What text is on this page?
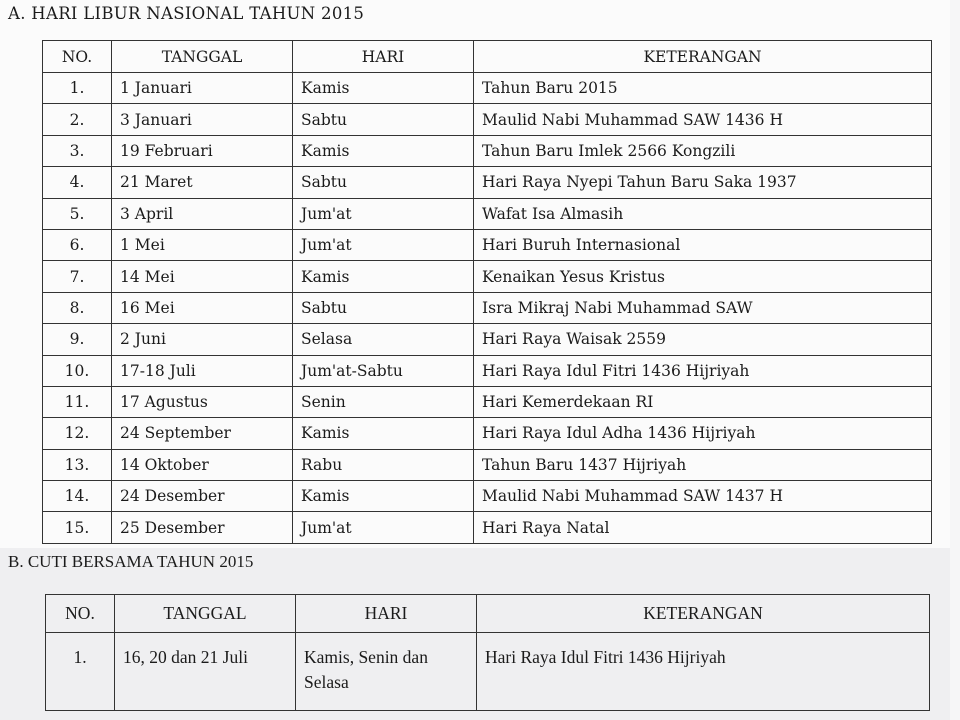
A. HARI LIBUR NASIONAL TAHUN 2015
NO.	TANGGAL	HARI	KETERANGAN
1.	1 Januari	Kamis	Tahun Baru 2015
2.	3 Januari	Sabtu	Maulid Nabi Muhammad SAW 1436 H
3.	19 Februari	Kamis	Tahun Baru Imlek 2566 Kongzili
4.	21 Maret	Sabtu	Hari Raya Nyepi Tahun Baru Saka 1937
5.	3 April	Jum'at	Wafat Isa Almasih
6.	1 Mei	Jum'at	Hari Buruh Internasional
7.	14 Mei	Kamis	Kenaikan Yesus Kristus
8.	16 Mei	Sabtu	Isra Mikraj Nabi Muhammad SAW
9.	2 Juni	Selasa	Hari Raya Waisak 2559
10.	17-18 Juli	Jum'at-Sabtu	Hari Raya Idul Fitri 1436 Hijriyah
11.	17 Agustus	Senin	Hari Kemerdekaan RI
12.	24 September	Kamis	Hari Raya Idul Adha 1436 Hijriyah
13.	14 Oktober	Rabu	Tahun Baru 1437 Hijriyah
14.	24 Desember	Kamis	Maulid Nabi Muhammad SAW 1437 H
15.	25 Desember	Jum'at	Hari Raya Natal
B. CUTI BERSAMA TAHUN 2015
NO.	TANGGAL	HARI	KETERANGAN
1.	16, 20 dan 21 Juli	Kamis, Senin dan Selasa	Hari Raya Idul Fitri 1436 Hijriyah
